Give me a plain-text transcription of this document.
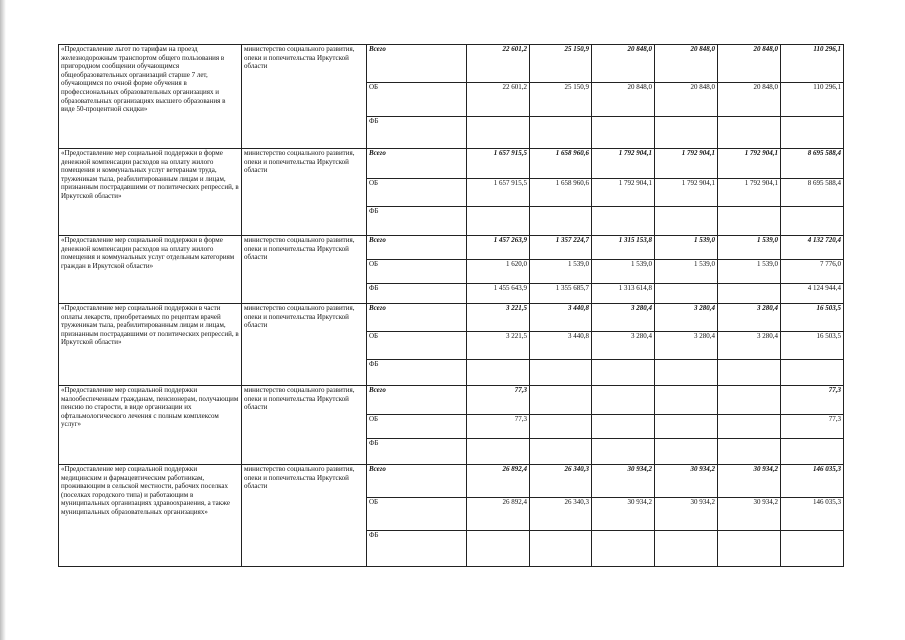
«Предоставление льгот по тарифам на проезд железнодорожным транспортом общего пользования в пригородном сообщении обучающимся общеобразовательных организаций старше 7 лет, обучающимся по очной форме обучения в профессиональных образовательных организациях и образовательных организациях высшего образования в виде 50-процентной скидки»	министерство социального развития, опеки и попечительства Иркутской области	Всего	22 601,2	25 150,9	20 848,0	20 848,0	20 848,0	110 296,1
		ОБ	22 601,2	25 150,9	20 848,0	20 848,0	20 848,0	110 296,1
		ФБ						
«Предоставление мер социальной поддержки в форме денежной компенсации расходов на оплату жилого помещения и коммунальных услуг ветеранам труда, труженикам тыла, реабилитированным лицам и лицам, признанным пострадавшими от политических репрессий, в Иркутской области»	министерство социального развития, опеки и попечительства Иркутской области	Всего	1 657 915,5	1 658 960,6	1 792 904,1	1 792 904,1	1 792 904,1	8 695 588,4
		ОБ	1 657 915,5	1 658 960,6	1 792 904,1	1 792 904,1	1 792 904,1	8 695 588,4
		ФБ						
«Предоставление мер социальной поддержки в форме денежной компенсации расходов на оплату жилого помещения и коммунальных услуг отдельным категориям граждан в Иркутской области»	министерство социального развития, опеки и попечительства Иркутской области	Всего	1 457 263,9	1 357 224,7	1 315 153,8	1 539,0	1 539,0	4 132 720,4
		ОБ	1 620,0	1 539,0	1 539,0	1 539,0	1 539,0	7 776,0
		ФБ	1 455 643,9	1 355 685,7	1 313 614,8			4 124 944,4
«Предоставление мер социальной поддержки в части оплаты лекарств, приобретаемых по рецептам врачей труженикам тыла, реабилитированным лицам и лицам, признанным пострадавшими от политических репрессий, в Иркутской области»	министерство социального развития, опеки и попечительства Иркутской области	Всего	3 221,5	3 440,8	3 280,4	3 280,4	3 280,4	16 503,5
		ОБ	3 221,5	3 440,8	3 280,4	3 280,4	3 280,4	16 503,5
		ФБ						
«Предоставление мер социальной поддержки малообеспеченным гражданам, пенсионерам, получающим пенсию по старости, в виде организации их офтальмологического лечения с полным комплексом услуг»	министерство социального развития, опеки и попечительства Иркутской области	Всего	77,3					77,3
		ОБ	77,3					77,3
		ФБ						
«Предоставление мер социальной поддержки медицинским и фармацевтическим работникам, проживающим в сельской местности, рабочих поселках (поселках городского типа) и работающим в муниципальных организациях здравоохранения, а также муниципальных образовательных организациях»	министерство социального развития, опеки и попечительства Иркутской области	Всего	26 892,4	26 340,3	30 934,2	30 934,2	30 934,2	146 035,3
		ОБ	26 892,4	26 340,3	30 934,2	30 934,2	30 934,2	146 035,3
		ФБ						
